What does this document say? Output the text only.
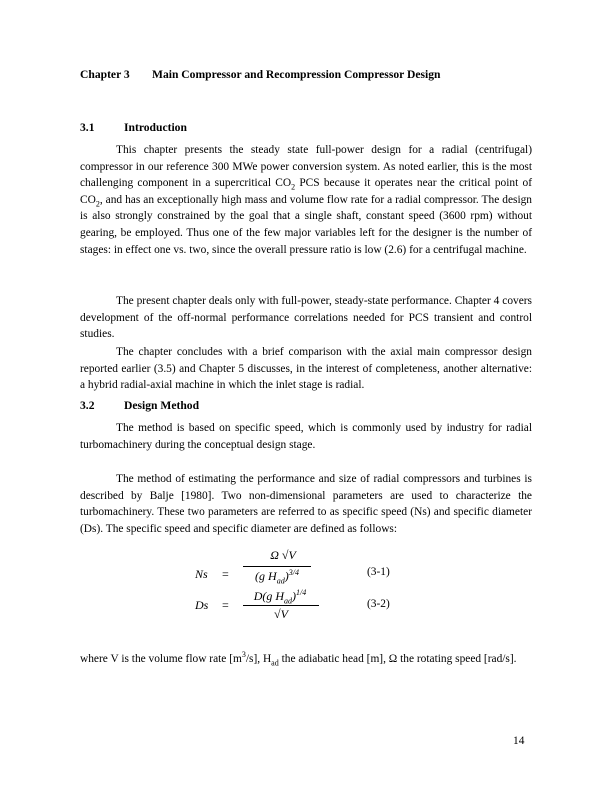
Chapter 3 Main Compressor and Recompression Compressor Design
3.1	Introduction
This chapter presents the steady state full-power design for a radial (centrifugal) compressor in our reference 300 MWe power conversion system. As noted earlier, this is the most challenging component in a supercritical $CO_2$ PCS because it operates near the critical point of $CO_2$, and has an exceptionally high mass and volume flow rate for a radial compressor. The design is also strongly constrained by the goal that a single shaft, constant speed (3600 rpm) without gearing, be employed. Thus one of the few major variables left for the designer is the number of stages: in effect one vs. two, since the overall pressure ratio is low (2.6) for a centrifugal machine.
The present chapter deals only with full-power, steady-state performance. Chapter 4 covers development of the off-normal performance correlations needed for PCS transient and control studies.
The chapter concludes with a brief comparison with the axial main compressor design reported earlier (3.5) and Chapter 5 discusses, in the interest of completeness, another alternative: a hybrid radial-axial machine in which the inlet stage is radial.
3.2	Design Method
The method is based on specific speed, which is commonly used by industry for radial turbomachinery during the conceptual design stage.
The method of estimating the performance and size of radial compressors and turbines is described by Balje [1980]. Two non-dimensional parameters are used to characterize the turbomachinery. These two parameters are referred to as specific speed (Ns) and specific diameter (Ds). The specific speed and specific diameter are defined as follows:
Ns =
Ω √V
(g $H_{ad})^{3/4}$	(3-1)
Ds =
D(g $H_{ad})^{1/4}$
√V
(3-2)
where V is the volume flow rate $[m^3/s]$, $H_{ad}$ the adiabatic head [m], Ω the rotating speed [rad/s].
14
